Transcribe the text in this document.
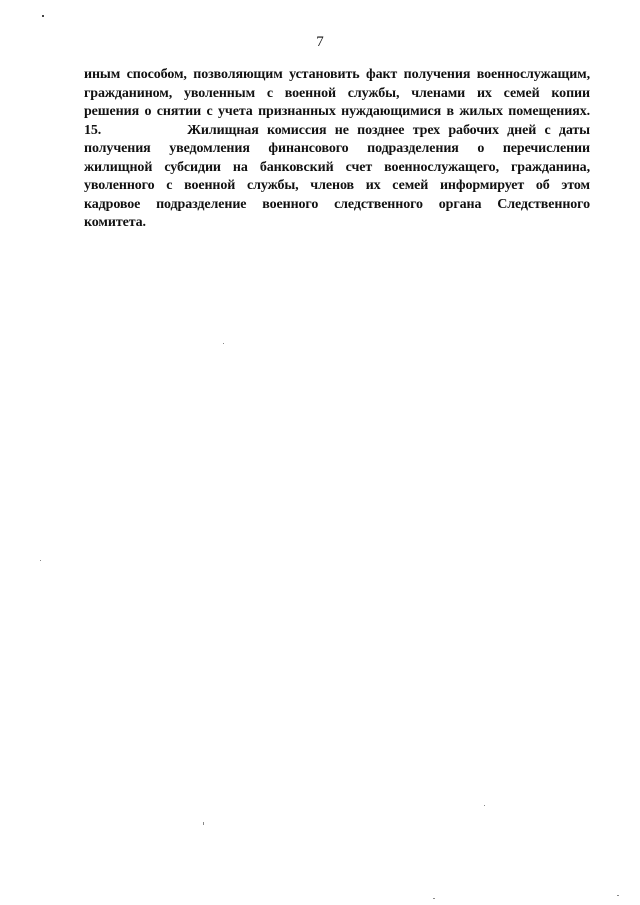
7

иным способом, позволяющим установить факт получения военнослужащим,
гражданином, уволенным с военной службы, членами их семей копии
решения о снятии с учета признанных нуждающимися в жилых помещениях.

15.	Жилищная комиссия не позднее трех рабочих дней с даты
получения уведомления финансового подразделения о перечислении
жилищной субсидии на банковский счет военнослужащего, гражданина,
уволенного с военной службы, членов их семей информирует об этом
кадровое подразделение военного следственного органа Следственного
комитета.
